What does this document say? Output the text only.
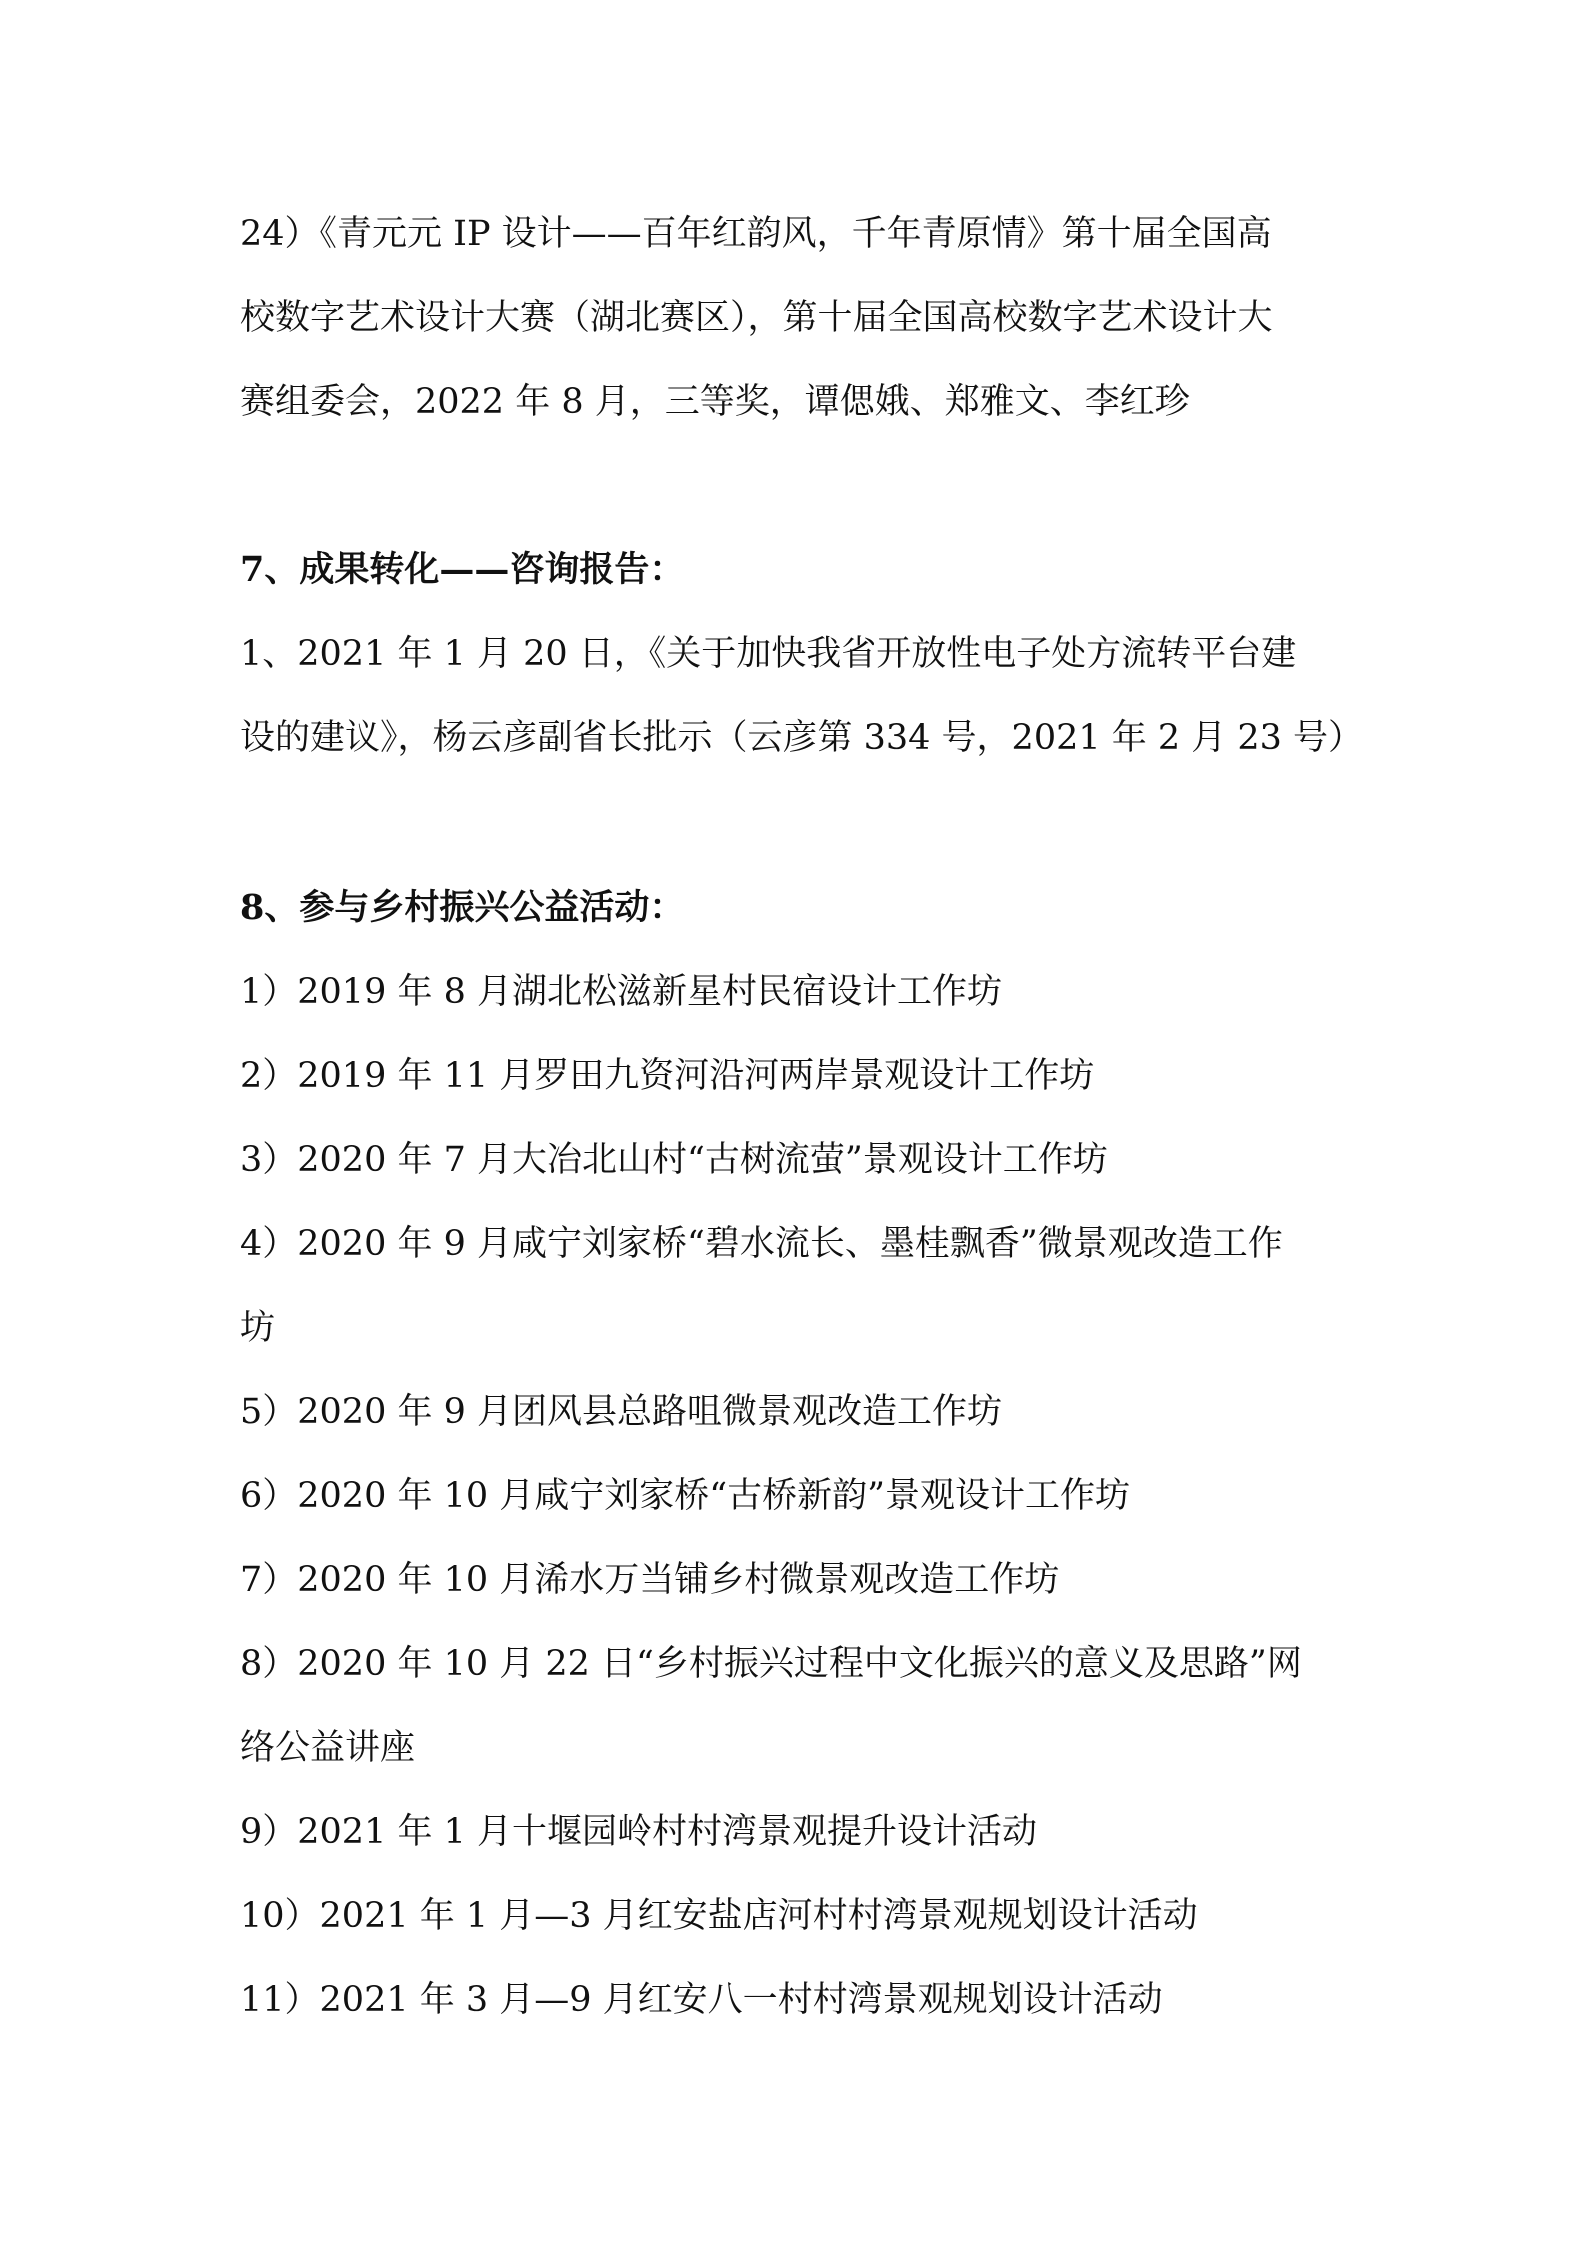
24）《青元元 IP 设计——百年红韵风，千年青原情》第十届全国高
校数字艺术设计大赛（湖北赛区），第十届全国高校数字艺术设计大
赛组委会，2022 年 8 月，三等奖，谭偲娥、郑雅文、李红珍
7、成果转化——咨询报告：
1、2021 年 1 月 20 日，《关于加快我省开放性电子处方流转平台建
设的建议》，杨云彦副省长批示（云彦第 334 号，2021 年 2 月 23 号）
8、参与乡村振兴公益活动：
1）2019 年 8 月湖北松滋新星村民宿设计工作坊
2）2019 年 11 月罗田九资河沿河两岸景观设计工作坊
3）2020 年 7 月大冶北山村“古树流萤”景观设计工作坊
4）2020 年 9 月咸宁刘家桥“碧水流长、墨桂飘香”微景观改造工作
坊
5）2020 年 9 月团风县总路咀微景观改造工作坊
6）2020 年 10 月咸宁刘家桥“古桥新韵”景观设计工作坊
7）2020 年 10 月浠水万当铺乡村微景观改造工作坊
8）2020 年 10 月 22 日“乡村振兴过程中文化振兴的意义及思路”网
络公益讲座
9）2021 年 1 月十堰园岭村村湾景观提升设计活动
10）2021 年 1 月—3 月红安盐店河村村湾景观规划设计活动
11）2021 年 3 月—9 月红安八一村村湾景观规划设计活动
